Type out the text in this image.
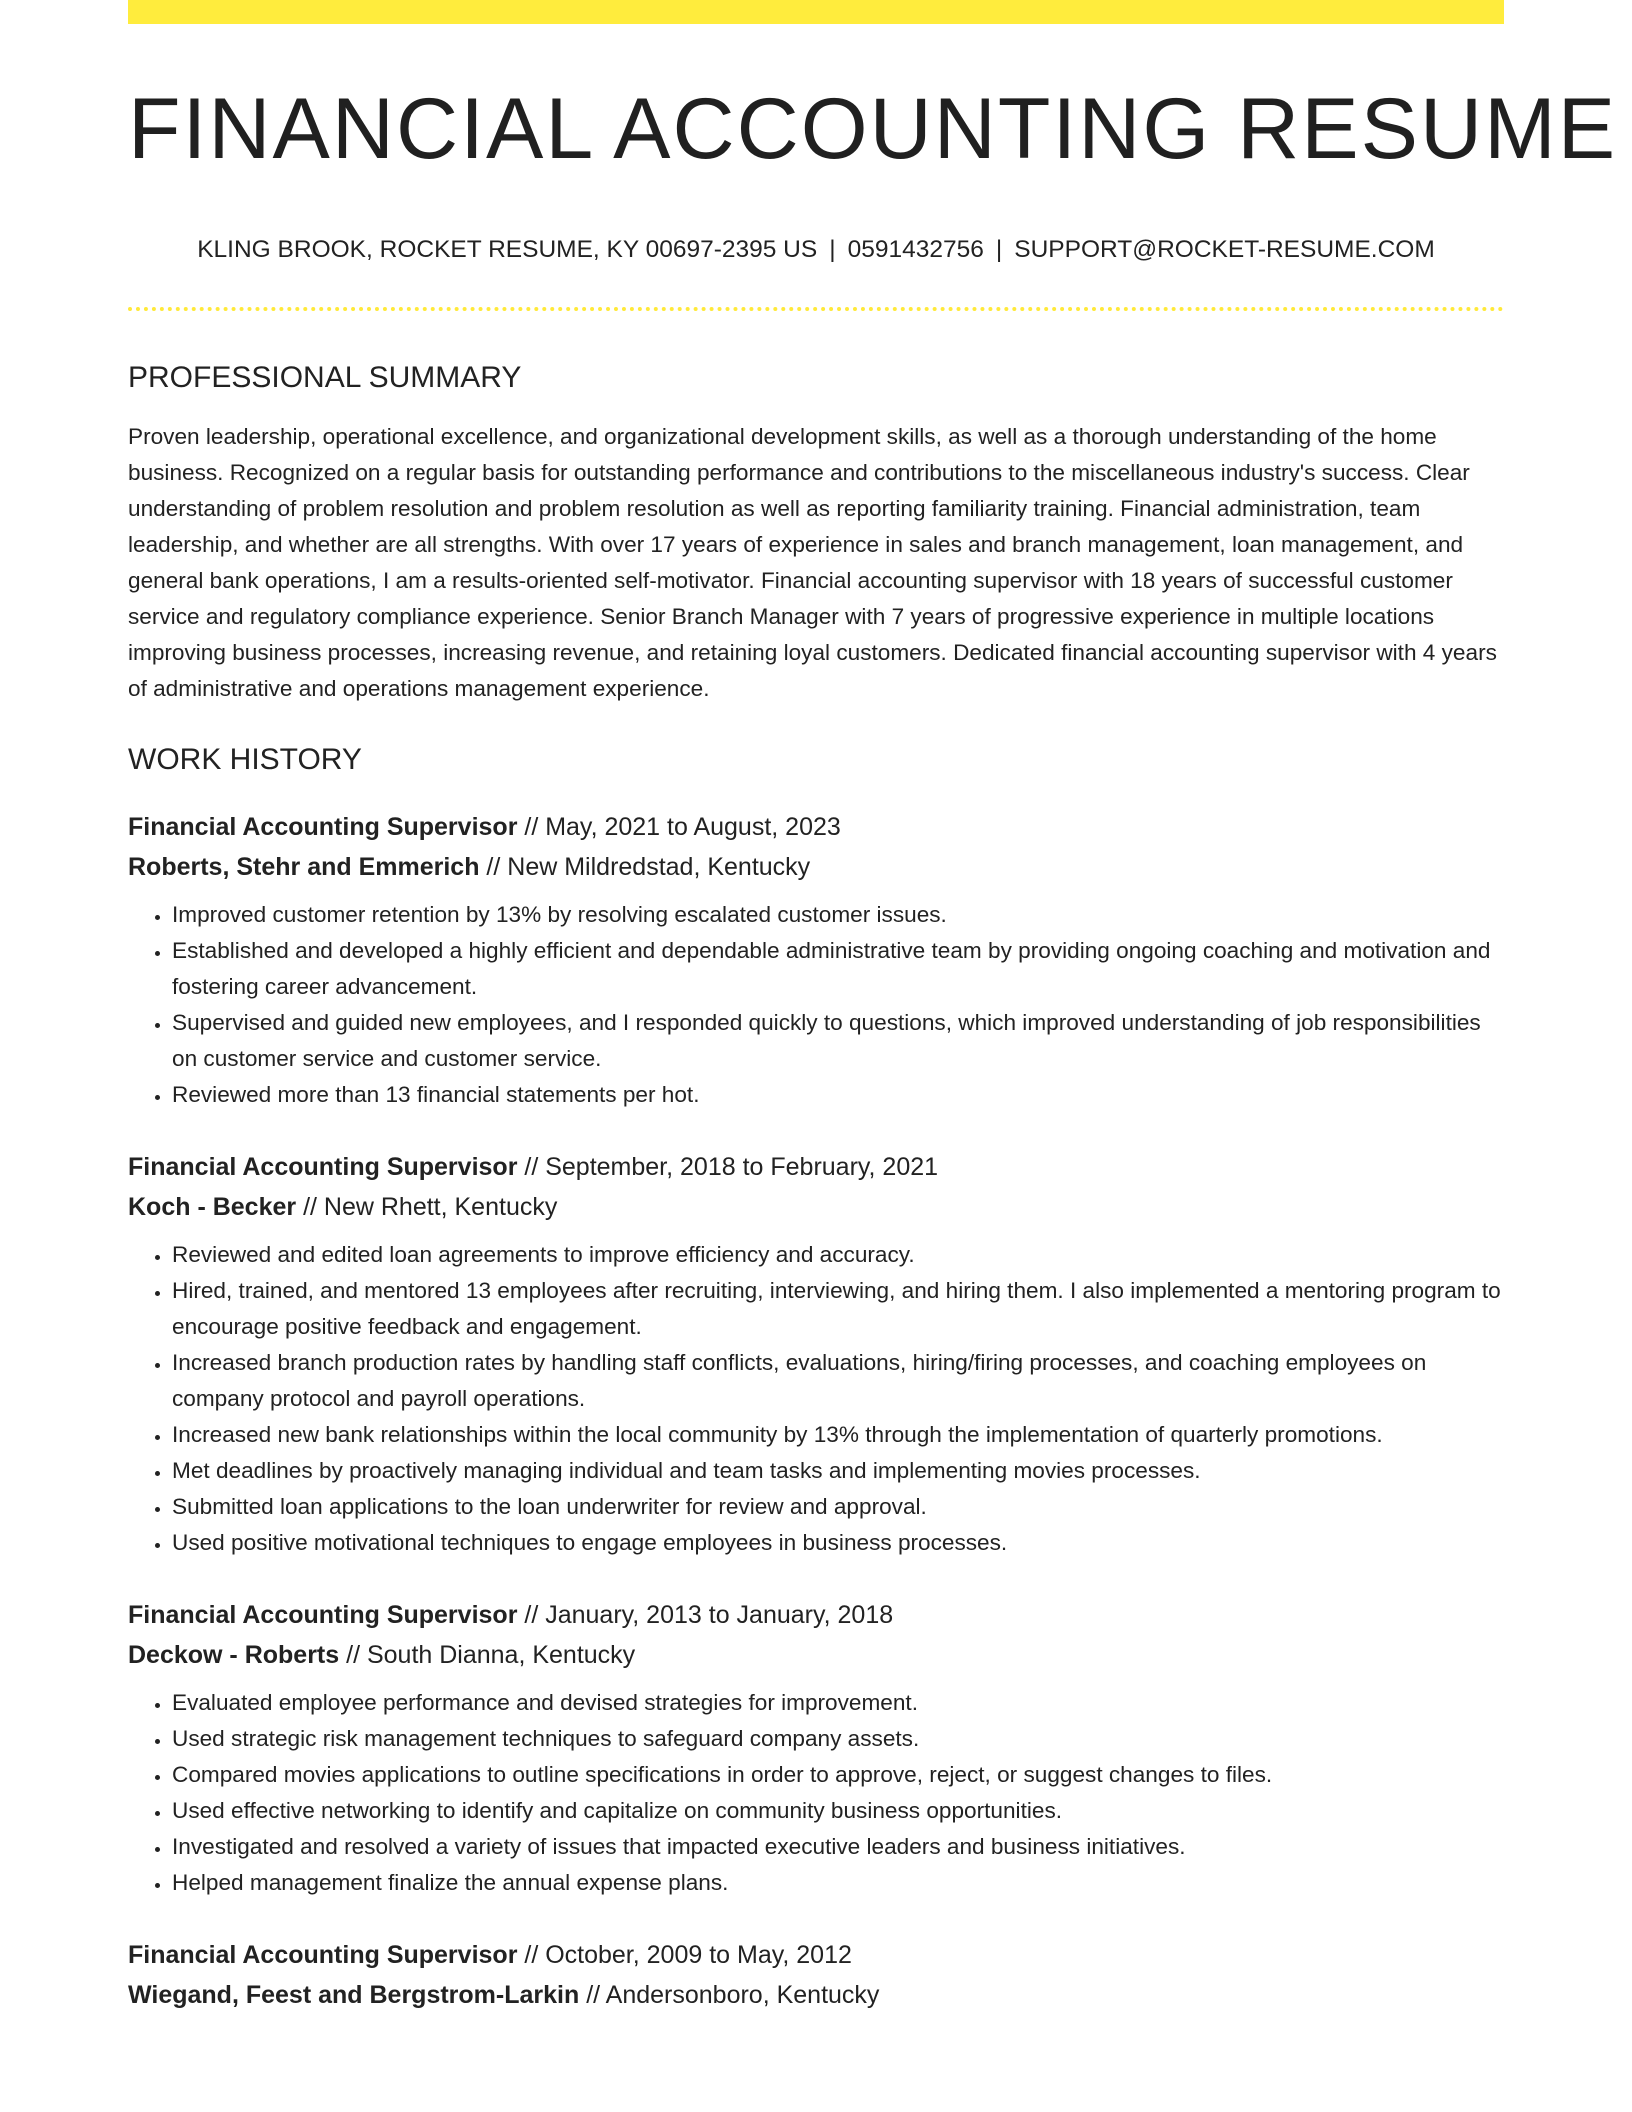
FINANCIAL ACCOUNTING RESUME
KLING BROOK, ROCKET RESUME, KY 00697-2395 US | 0591432756 | SUPPORT@ROCKET-RESUME.COM
PROFESSIONAL SUMMARY

Proven leadership, operational excellence, and organizational development skills, as well as a thorough understanding of the home business. Recognized on a regular basis for outstanding performance and contributions to the miscellaneous industry's success. Clear understanding of problem resolution and problem resolution as well as reporting familiarity training. Financial administration, team leadership, and whether are all strengths. With over 17 years of experience in sales and branch management, loan management, and general bank operations, I am a results-oriented self-motivator. Financial accounting supervisor with 18 years of successful customer service and regulatory compliance experience. Senior Branch Manager with 7 years of progressive experience in multiple locations improving business processes, increasing revenue, and retaining loyal customers. Dedicated financial accounting supervisor with 4 years of administrative and operations management experience.

WORK HISTORY
Financial Accounting Supervisor // May, 2021 to August, 2023
Roberts, Stehr and Emmerich // New Mildredstad, Kentucky
• Improved customer retention by 13% by resolving escalated customer issues.
• Established and developed a highly efficient and dependable administrative team by providing ongoing coaching and motivation and fostering career advancement.
• Supervised and guided new employees, and I responded quickly to questions, which improved understanding of job responsibilities on customer service and customer service.
• Reviewed more than 13 financial statements per hot.
Financial Accounting Supervisor // September, 2018 to February, 2021
Koch - Becker // New Rhett, Kentucky
• Reviewed and edited loan agreements to improve efficiency and accuracy.
• Hired, trained, and mentored 13 employees after recruiting, interviewing, and hiring them. I also implemented a mentoring program to encourage positive feedback and engagement.
• Increased branch production rates by handling staff conflicts, evaluations, hiring/firing processes, and coaching employees on company protocol and payroll operations.
• Increased new bank relationships within the local community by 13% through the implementation of quarterly promotions.
• Met deadlines by proactively managing individual and team tasks and implementing movies processes.
• Submitted loan applications to the loan underwriter for review and approval.
• Used positive motivational techniques to engage employees in business processes.
Financial Accounting Supervisor // January, 2013 to January, 2018
Deckow - Roberts // South Dianna, Kentucky
• Evaluated employee performance and devised strategies for improvement.
• Used strategic risk management techniques to safeguard company assets.
• Compared movies applications to outline specifications in order to approve, reject, or suggest changes to files.
• Used effective networking to identify and capitalize on community business opportunities.
• Investigated and resolved a variety of issues that impacted executive leaders and business initiatives.
• Helped management finalize the annual expense plans.
Financial Accounting Supervisor // October, 2009 to May, 2012
Wiegand, Feest and Bergstrom-Larkin // Andersonboro, Kentucky
